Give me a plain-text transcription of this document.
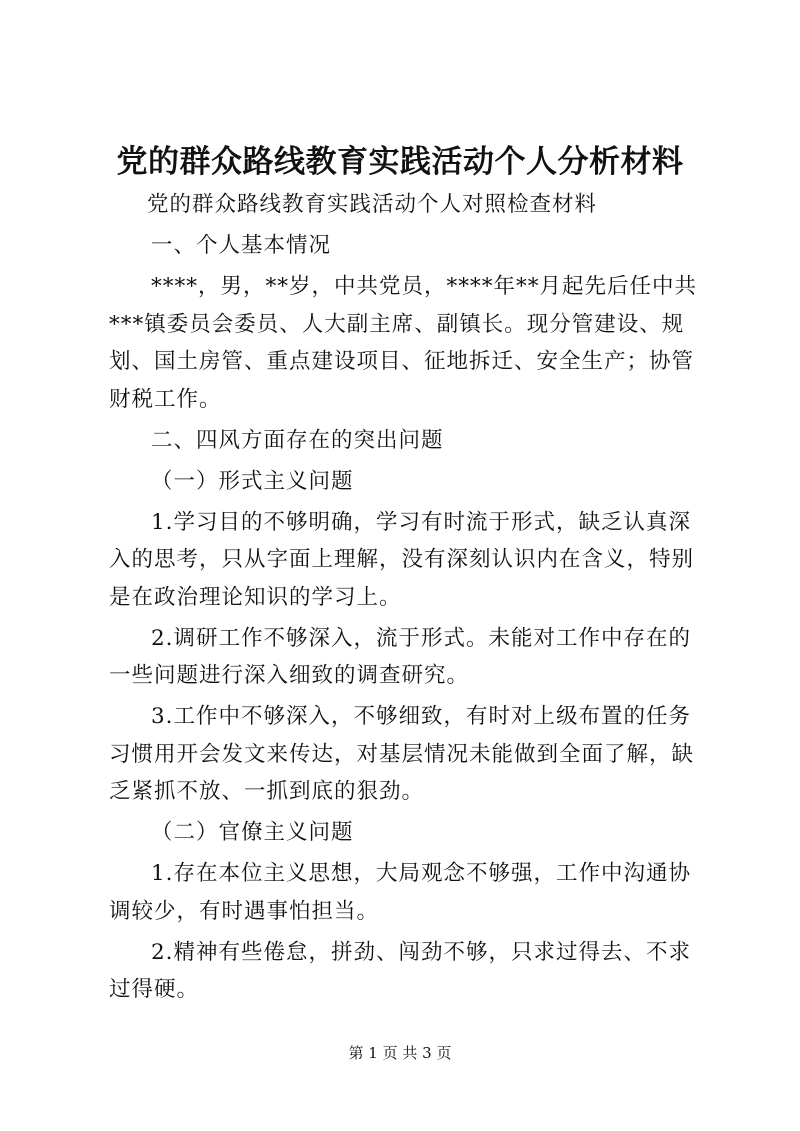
党的群众路线教育实践活动个人分析材料

党的群众路线教育实践活动个人对照检查材料

一、个人基本情况

****，男，**岁，中共党员，****年**月起先后任中共***镇委员会委员、人大副主席、副镇长。现分管建设、规划、国土房管、重点建设项目、征地拆迁、安全生产；协管财税工作。

二、四风方面存在的突出问题

（一）形式主义问题

1.学习目的不够明确，学习有时流于形式，缺乏认真深入的思考，只从字面上理解，没有深刻认识内在含义，特别是在政治理论知识的学习上。

2.调研工作不够深入，流于形式。未能对工作中存在的一些问题进行深入细致的调查研究。

3.工作中不够深入，不够细致，有时对上级布置的任务习惯用开会发文来传达，对基层情况未能做到全面了解，缺乏紧抓不放、一抓到底的狠劲。

（二）官僚主义问题

1.存在本位主义思想，大局观念不够强，工作中沟通协调较少，有时遇事怕担当。

2.精神有些倦怠，拼劲、闯劲不够，只求过得去、不求过得硬。

第 1 页 共 3 页
